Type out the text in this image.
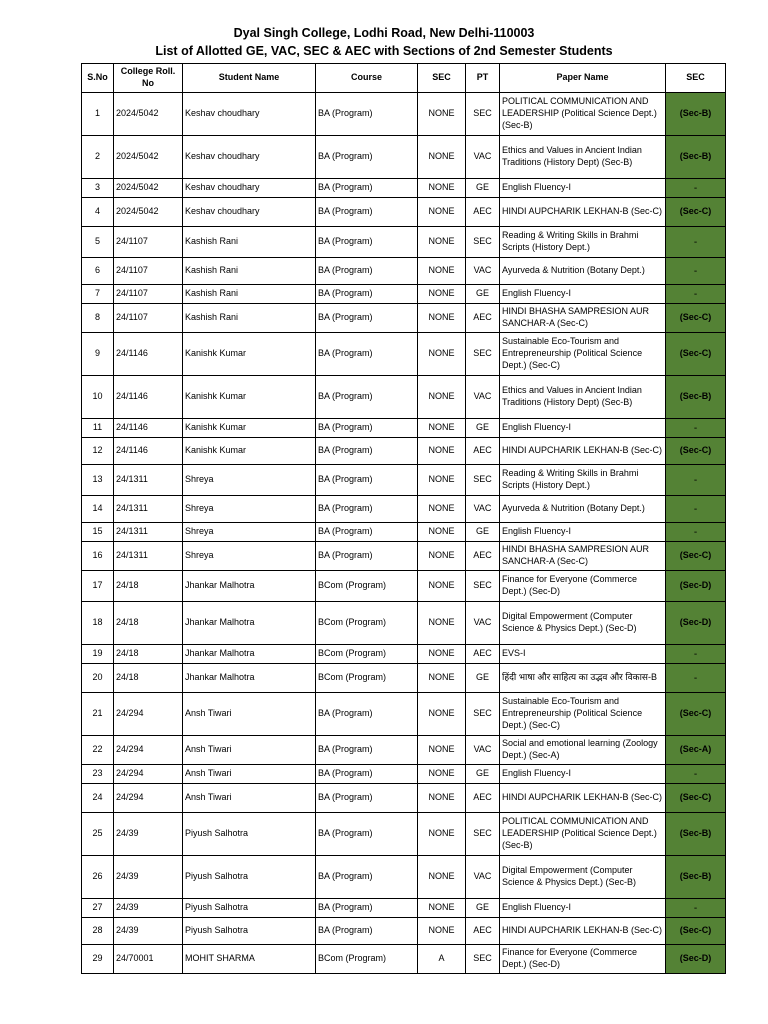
Dyal Singh College, Lodhi Road, New Delhi-110003
List of Allotted GE, VAC, SEC & AEC with Sections of 2nd Semester Students
S.No	College Roll. No	Student Name	Course	SEC	PT	Paper Name	SEC
1	2024/5042	Keshav choudhary	BA (Program)	NONE	SEC	POLITICAL COMMUNICATION AND LEADERSHIP (Political Science Dept.) (Sec-B)	(Sec-B)
2	2024/5042	Keshav choudhary	BA (Program)	NONE	VAC	Ethics and Values in Ancient Indian Traditions (History Dept) (Sec-B)	(Sec-B)
3	2024/5042	Keshav choudhary	BA (Program)	NONE	GE	English Fluency-I	-
4	2024/5042	Keshav choudhary	BA (Program)	NONE	AEC	HINDI AUPCHARIK LEKHAN-B (Sec-C)	(Sec-C)
5	24/1107	Kashish Rani	BA (Program)	NONE	SEC	Reading & Writing Skills in Brahmi Scripts (History Dept.)	-
6	24/1107	Kashish Rani	BA (Program)	NONE	VAC	Ayurveda & Nutrition (Botany Dept.)	-
7	24/1107	Kashish Rani	BA (Program)	NONE	GE	English Fluency-I	-
8	24/1107	Kashish Rani	BA (Program)	NONE	AEC	HINDI BHASHA SAMPRESION AUR SANCHAR-A (Sec-C)	(Sec-C)
9	24/1146	Kanishk Kumar	BA (Program)	NONE	SEC	Sustainable Eco-Tourism and Entrepreneurship (Political Science Dept.) (Sec-C)	(Sec-C)
10	24/1146	Kanishk Kumar	BA (Program)	NONE	VAC	Ethics and Values in Ancient Indian Traditions (History Dept) (Sec-B)	(Sec-B)
11	24/1146	Kanishk Kumar	BA (Program)	NONE	GE	English Fluency-I	-
12	24/1146	Kanishk Kumar	BA (Program)	NONE	AEC	HINDI AUPCHARIK LEKHAN-B (Sec-C)	(Sec-C)
13	24/1311	Shreya	BA (Program)	NONE	SEC	Reading & Writing Skills in Brahmi Scripts (History Dept.)	-
14	24/1311	Shreya	BA (Program)	NONE	VAC	Ayurveda & Nutrition (Botany Dept.)	-
15	24/1311	Shreya	BA (Program)	NONE	GE	English Fluency-I	-
16	24/1311	Shreya	BA (Program)	NONE	AEC	HINDI BHASHA SAMPRESION AUR SANCHAR-A (Sec-C)	(Sec-C)
17	24/18	Jhankar Malhotra	BCom (Program)	NONE	SEC	Finance for Everyone (Commerce Dept.) (Sec-D)	(Sec-D)
18	24/18	Jhankar Malhotra	BCom (Program)	NONE	VAC	Digital Empowerment (Computer Science & Physics Dept.) (Sec-D)	(Sec-D)
19	24/18	Jhankar Malhotra	BCom (Program)	NONE	AEC	EVS-I	-
20	24/18	Jhankar Malhotra	BCom (Program)	NONE	GE	हिंदी भाषा और साहित्य का उद्भव और विकास-B	-
21	24/294	Ansh Tiwari	BA (Program)	NONE	SEC	Sustainable Eco-Tourism and Entrepreneurship (Political Science Dept.) (Sec-C)	(Sec-C)
22	24/294	Ansh Tiwari	BA (Program)	NONE	VAC	Social and emotional learning (Zoology Dept.) (Sec-A)	(Sec-A)
23	24/294	Ansh Tiwari	BA (Program)	NONE	GE	English Fluency-I	-
24	24/294	Ansh Tiwari	BA (Program)	NONE	AEC	HINDI AUPCHARIK LEKHAN-B (Sec-C)	(Sec-C)
25	24/39	Piyush Salhotra	BA (Program)	NONE	SEC	POLITICAL COMMUNICATION AND LEADERSHIP (Political Science Dept.) (Sec-B)	(Sec-B)
26	24/39	Piyush Salhotra	BA (Program)	NONE	VAC	Digital Empowerment (Computer Science & Physics Dept.) (Sec-B)	(Sec-B)
27	24/39	Piyush Salhotra	BA (Program)	NONE	GE	English Fluency-I	-
28	24/39	Piyush Salhotra	BA (Program)	NONE	AEC	HINDI AUPCHARIK LEKHAN-B (Sec-C)	(Sec-C)
29	24/70001	MOHIT SHARMA	BCom (Program)	A	SEC	Finance for Everyone (Commerce Dept.) (Sec-D)	(Sec-D)
